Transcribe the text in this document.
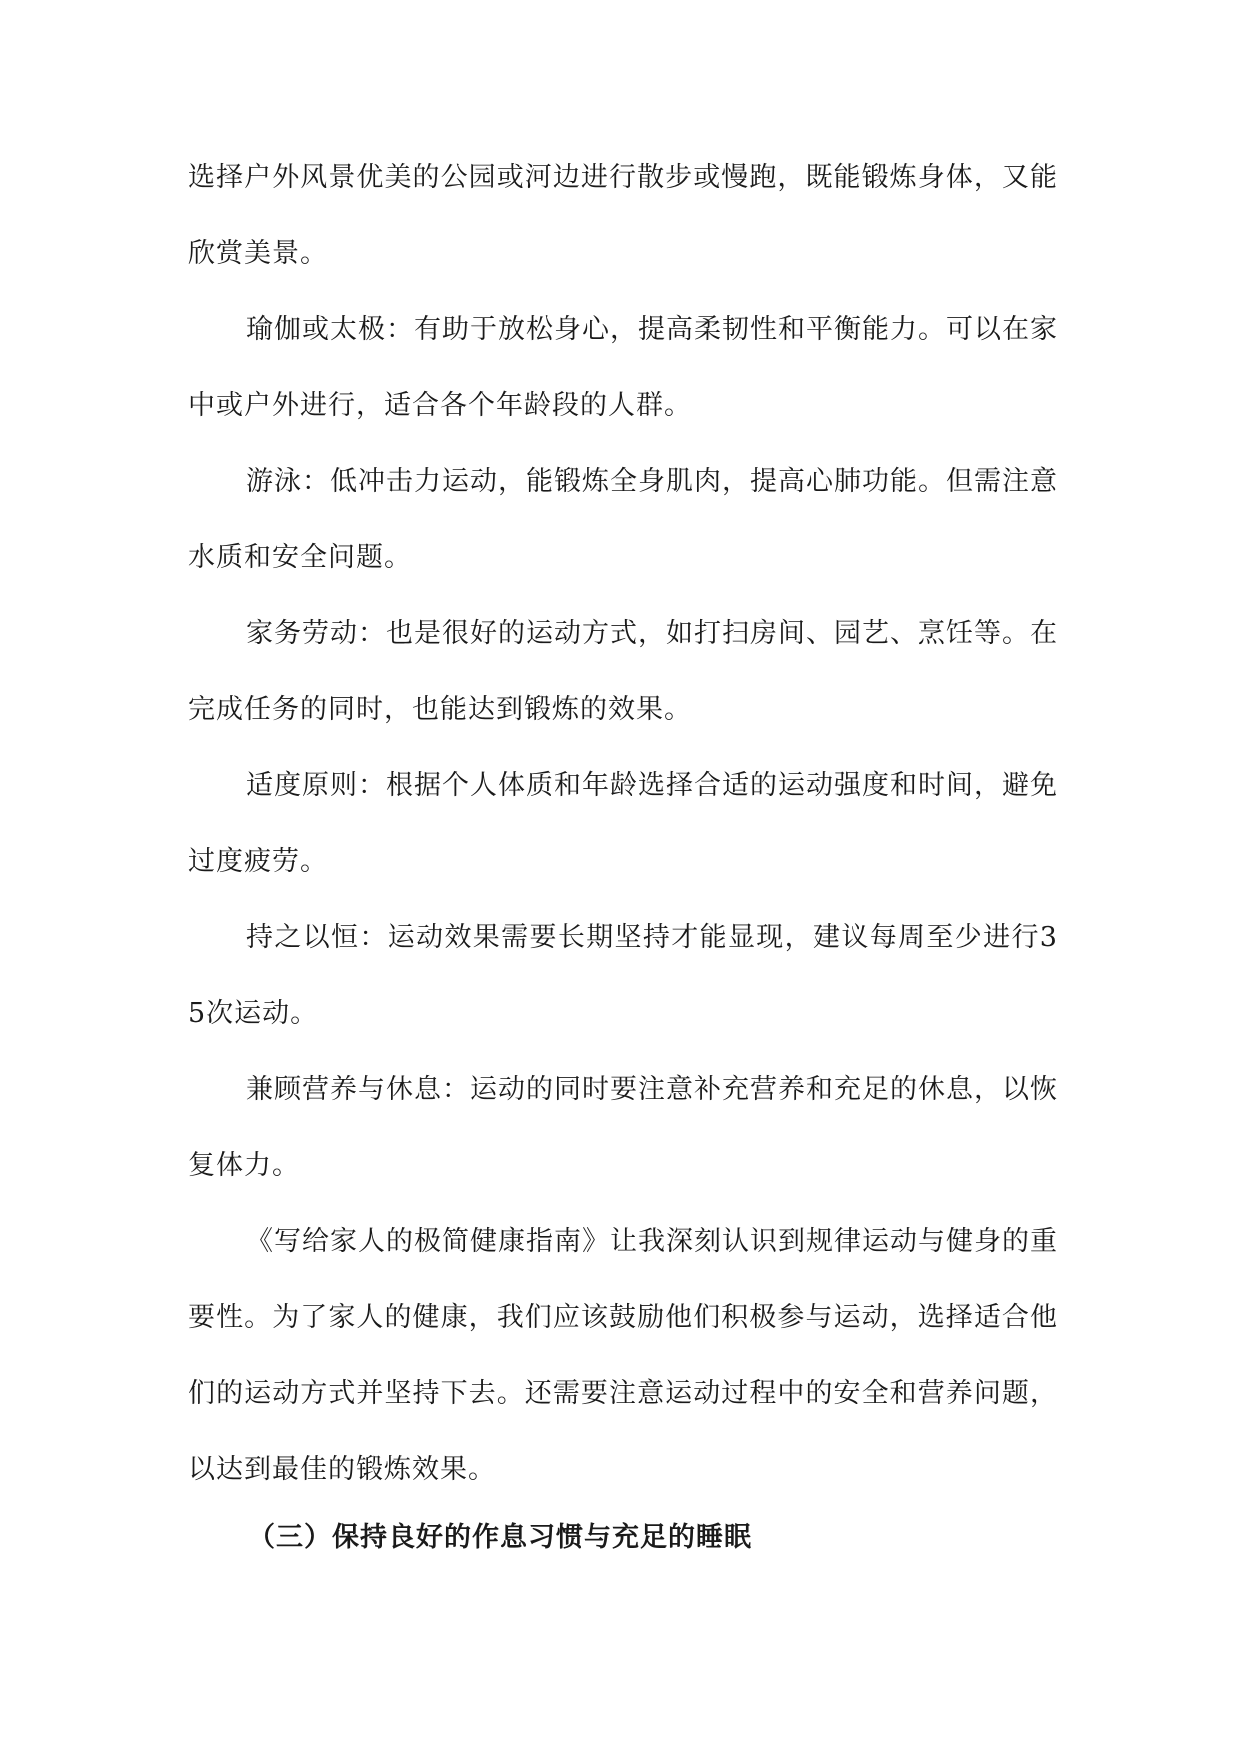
选择户外风景优美的公园或河边进行散步或慢跑，既能锻炼身体，又能欣赏美景。

瑜伽或太极：有助于放松身心，提高柔韧性和平衡能力。可以在家中或户外进行，适合各个年龄段的人群。

游泳：低冲击力运动，能锻炼全身肌肉，提高心肺功能。但需注意水质和安全问题。

家务劳动：也是很好的运动方式，如打扫房间、园艺、烹饪等。在完成任务的同时，也能达到锻炼的效果。

适度原则：根据个人体质和年龄选择合适的运动强度和时间，避免过度疲劳。

持之以恒：运动效果需要长期坚持才能显现，建议每周至少进行35次运动。

兼顾营养与休息：运动的同时要注意补充营养和充足的休息，以恢复体力。

《写给家人的极简健康指南》让我深刻认识到规律运动与健身的重要性。为了家人的健康，我们应该鼓励他们积极参与运动，选择适合他们的运动方式并坚持下去。还需要注意运动过程中的安全和营养问题，以达到最佳的锻炼效果。

（三）保持良好的作息习惯与充足的睡眠
